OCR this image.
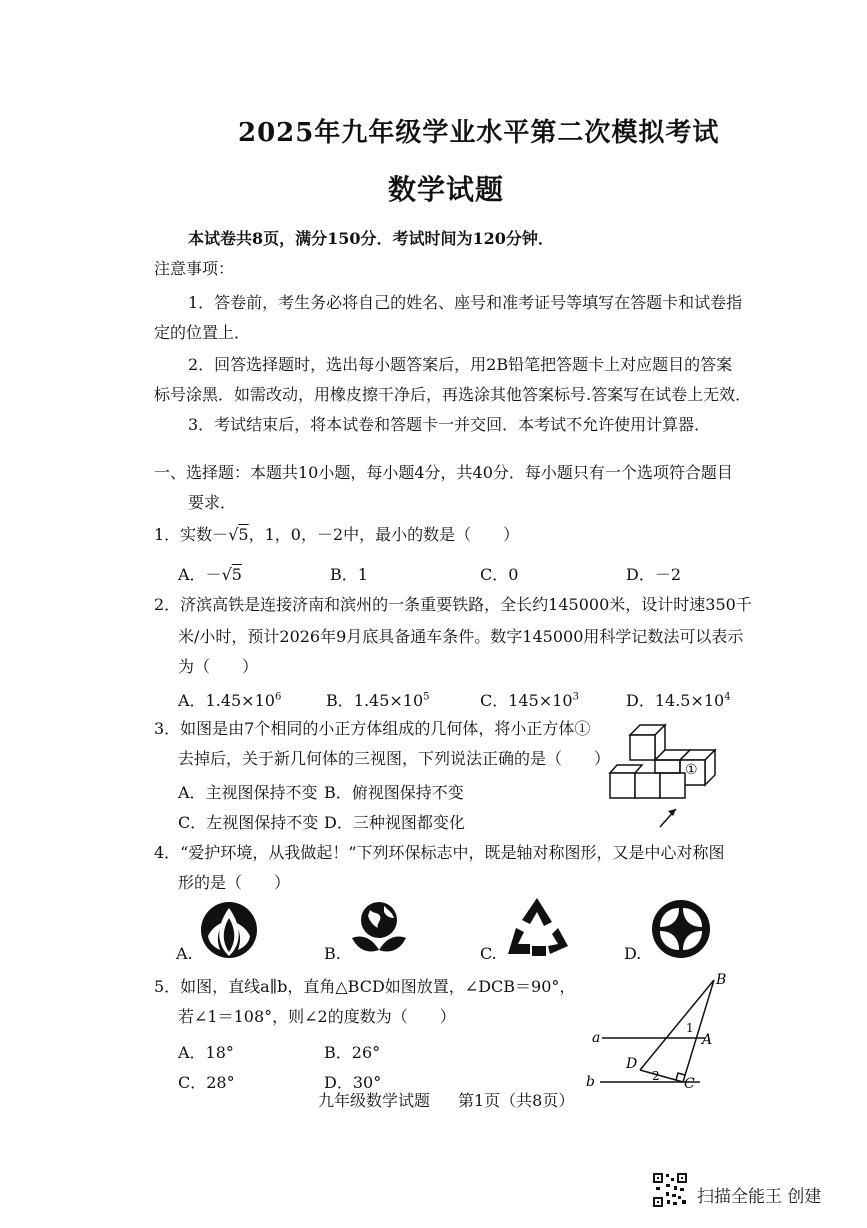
2025年九年级学业水平第二次模拟考试
数学试题
本试卷共8页，满分150分．考试时间为120分钟．
注意事项：
1．答卷前，考生务必将自己的姓名、座号和准考证号等填写在答题卡和试卷指
定的位置上．
2．回答选择题时，选出每小题答案后，用2B铅笔把答题卡上对应题目的答案
标号涂黑．如需改动，用橡皮擦干净后，再选涂其他答案标号.答案写在试卷上无效．
3．考试结束后，将本试卷和答题卡一并交回．本考试不允许使用计算器．
一、选择题：本题共10小题，每小题4分，共40分．每小题只有一个选项符合题目
要求．
1．实数－√5，1，0，－2中，最小的数是（　　）
A．－√5	B．1	C．0	D．－2
2．济滨高铁是连接济南和滨州的一条重要铁路，全长约145000米，设计时速350千
米/小时，预计2026年9月底具备通车条件。数字145000用科学记数法可以表示
为（　　）
A．$1.45\times 10^6$	B．$1.45\times 10^5$	C．$145\times 10^3$	D．$14.5\times 10^4$
3．如图是由7个相同的小正方体组成的几何体，将小正方体①
去掉后，关于新几何体的三视图，下列说法正确的是（　　）
A．主视图保持不变 B．俯视图保持不变
C．左视图保持不变 D．三种视图都变化
①
4．“爱护环境，从我做起！”下列环保标志中，既是轴对称图形，又是中心对称图
形的是（　　）
A.	B.	C.	D.
5．如图，直线a∥b，直角△BCD如图放置，∠DCB＝90°，
若∠1＝108°，则∠2的度数为（　　）
A．18°	B．26°
C．28°	D．30°
B
A
C
D
a
b
1
2
九年级数学试题 第1页（共8页）
扫描全能王 创建
